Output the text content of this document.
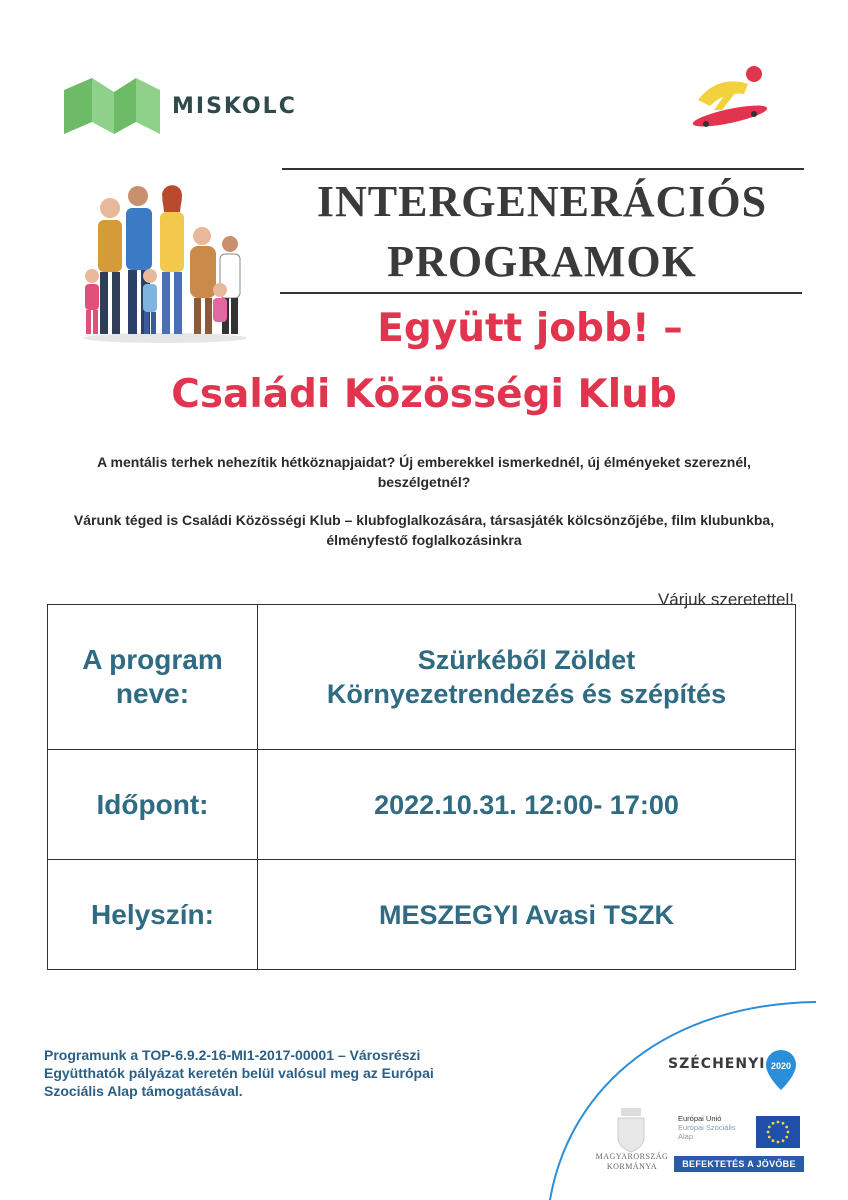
MISKOLC
INTERGENERÁCIÓS
PROGRAMOK
Együtt jobb! –
Családi Közösségi Klub
A mentális terhek nehezítik hétköznapjaidat? Új emberekkel ismerkednél, új élményeket szereznél,
beszélgetnél?
Várunk téged is Családi Közösségi Klub – klubfoglalkozására, társasjáték kölcsönzőjébe, film klubunkba,
élményfestő foglalkozásinkra
Várjuk szeretettel!
A program
neve:	Szürkéből Zöldet
Környezetrendezés és szépítés

Időpont:	2022.10.31. 12:00- 17:00
Helyszín:	MESZEGYI Avasi TSZK
Programunk a TOP-6.9.2-16-MI1-2017-00001 – Városrészi
Együtthatók pályázat keretén belül valósul meg az Európai
Szociális Alap támogatásával.
SZÉCHENYI 2020
MAGYARORSZÁG
KORMÁNYA
Európai Unió
Európai Szociális
Alap
BEFEKTETÉS A JÖVŐBE
